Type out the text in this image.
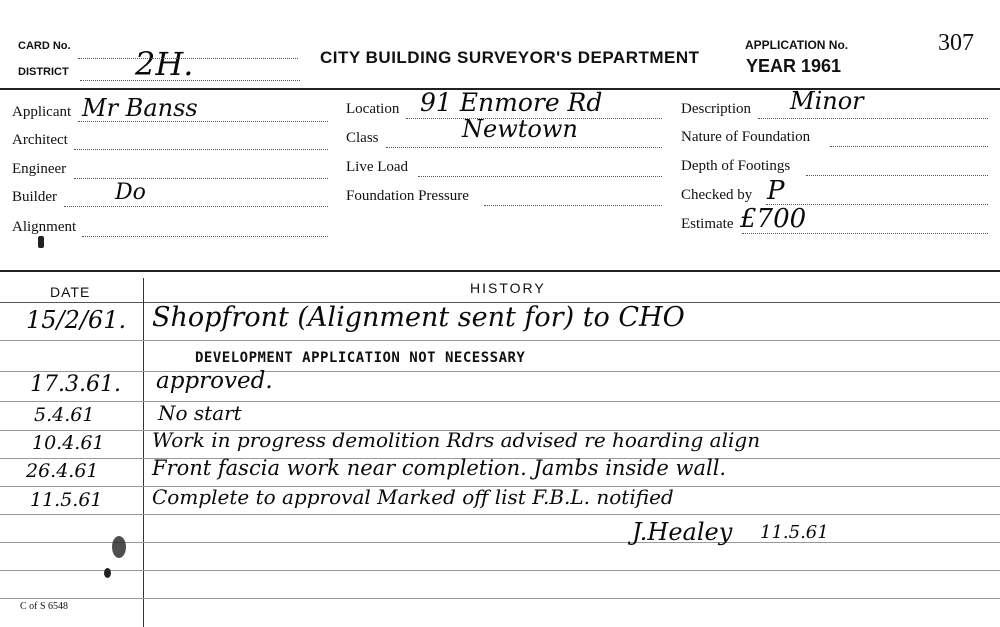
CARD No.
DISTRICT 2H.	CITY BUILDING SURVEYOR'S DEPARTMENT
APPLICATION No.
YEAR 1961
307
Applicant Mr Banss
Architect
Engineer
Builder	Do
Alignment
Location 91 Enmore Rd
Class	Newtown
Live Load
Foundation Pressure
Description Minor
Nature of Foundation
Depth of Footings
Checked by P
Estimate £700
DATE	HISTORY
DEVELOPMENT APPLICATION NOT NECESSARY
15/2/61. Shopfront (Alignment sent for) to CHO
17.3.61. approved.
5.4.61	No start
10.4.61 Work in progress demolition Rdrs advised re hoarding align
26.4.61	Front fascia work near completion. Jambs inside wall.
11.5.61 Complete to approval Marked off list F.B.L. notified
J.Healey 11.5.61
C of S 6548
